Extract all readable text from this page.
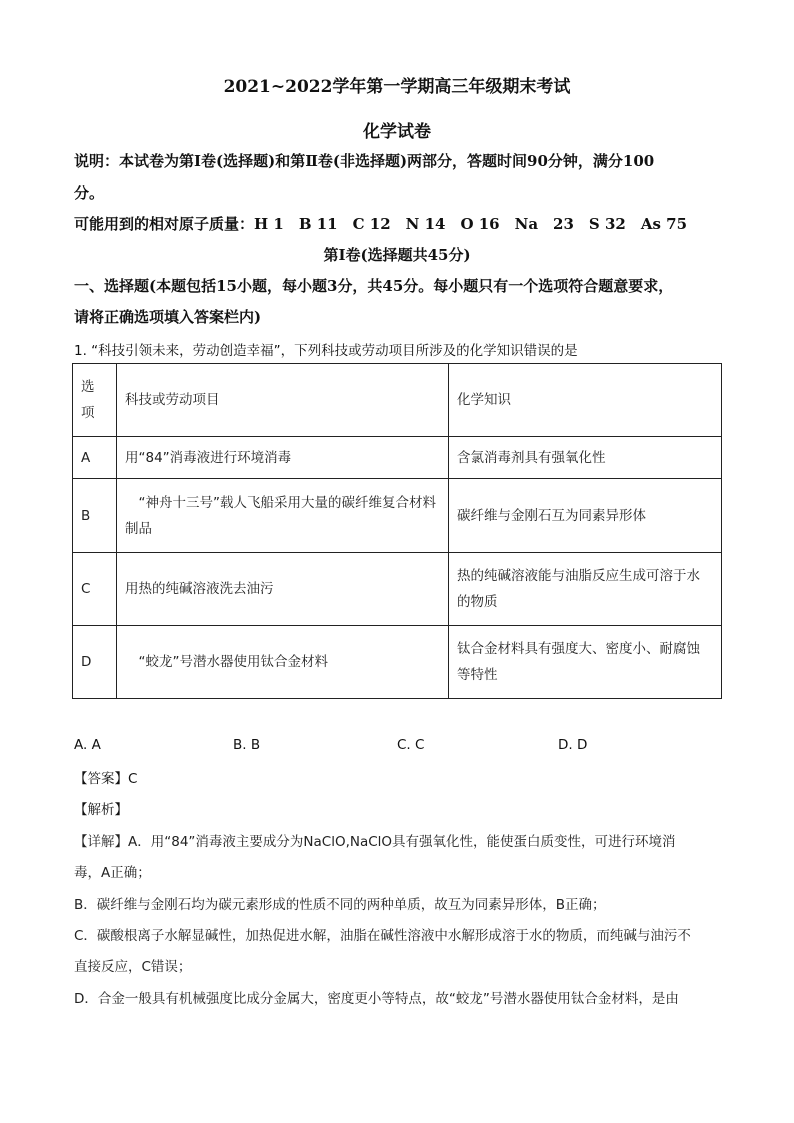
2021~2022学年第一学期高三年级期末考试
化学试卷
说明：本试卷为第Ⅰ卷(选择题)和第Ⅱ卷(非选择题)两部分，答题时间90分钟，满分100
分。
可能用到的相对原子质量：H 1　B 11　C 12　N 14　O 16　Na　23　S 32　As 75
第Ⅰ卷(选择题共45分)
一、选择题(本题包括15小题，每小题3分，共45分。每小题只有一个选项符合题意要求，
请将正确选项填入答案栏内)
1. “科技引领未来，劳动创造幸福”，下列科技或劳动项目所涉及的化学知识错误的是
选
项	科技或劳动项目	化学知识
A	用“84”消毒液进行环境消毒	含氯消毒剂具有强氧化性
B	　“神舟十三号”载人飞船采用大量的碳纤维复合材料制品	碳纤维与金刚石互为同素异形体
C	用热的纯碱溶液洗去油污	热的纯碱溶液能与油脂反应生成可溶于水的物质
D	　“蛟龙”号潜水器使用钛合金材料	钛合金材料具有强度大、密度小、耐腐蚀等特性
A. A	B. B	C. C	D. D
【答案】C
【解析】
【详解】A．用“84”消毒液主要成分为NaClO,NaClO具有强氧化性，能使蛋白质变性，可进行环境消
毒，A正确；
B．碳纤维与金刚石均为碳元素形成的性质不同的两种单质，故互为同素异形体，B正确；
C．碳酸根离子水解显碱性，加热促进水解，油脂在碱性溶液中水解形成溶于水的物质，而纯碱与油污不
直接反应，C错误；
D．合金一般具有机械强度比成分金属大，密度更小等特点，故“蛟龙”号潜水器使用钛合金材料，是由
